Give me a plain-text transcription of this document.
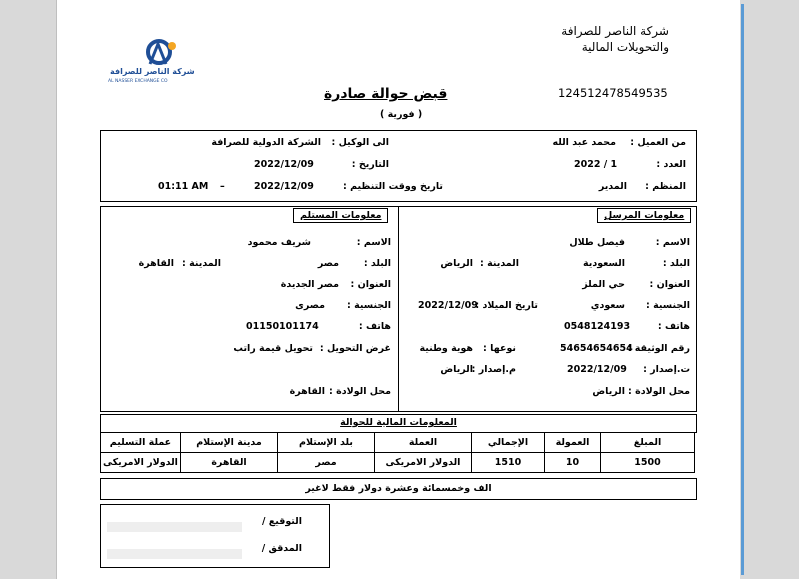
شركة الناصر للصرافة
والتحويلات المالية
شركة الناصر للصرافة
AL NASSER EXCHANGE CO
124512478549535
قبض حوالة صادرة
( فورية )
من العميل :
محمد عبد الله
الى الوكيل :
الشركة الدولية للصرافة
العدد :
2022 / 1
التاريخ :
2022/12/09
المنظم :
المدير
تاريخ ووقت التنظيم :
2022/12/09
–
01:11 AM
معلومات المرسل
معلومات المستلم
الاسم :
فيصل طلال
البلد :
السعودية
المدينة :
الرياض
العنوان :
حي الملز
الجنسية :
سعودي
تاريخ الميلاد :
2022/12/09
هاتف :
0548124193
رقم الوثيقة :
54654654654
نوعها :
هوية وطنية
ت.إصدار :
2022/12/09
م.إصدار :
الرياض
محل الولادة :
الرياض
الاسم :
شريف محمود
البلد :
مصر
المدينة :
القاهرة
العنوان :
مصر الجديدة
الجنسية :
مصرى
هاتف :
01150101174
غرض التحويل :
تحويل قيمة راتب
محل الولادة :
القاهرة
المعلومات المالية للحوالة
المبلغ	العمولة	الإجمالي	العملة	بلد الإستلام	مدينة الإستلام	عملة التسليم
1500	10	1510	الدولار الامريكى	مصر	القاهرة	الدولار الامريكى
الف وخمسمائة وعشرة دولار فقط لاغير
التوقيع /
المدقق /
